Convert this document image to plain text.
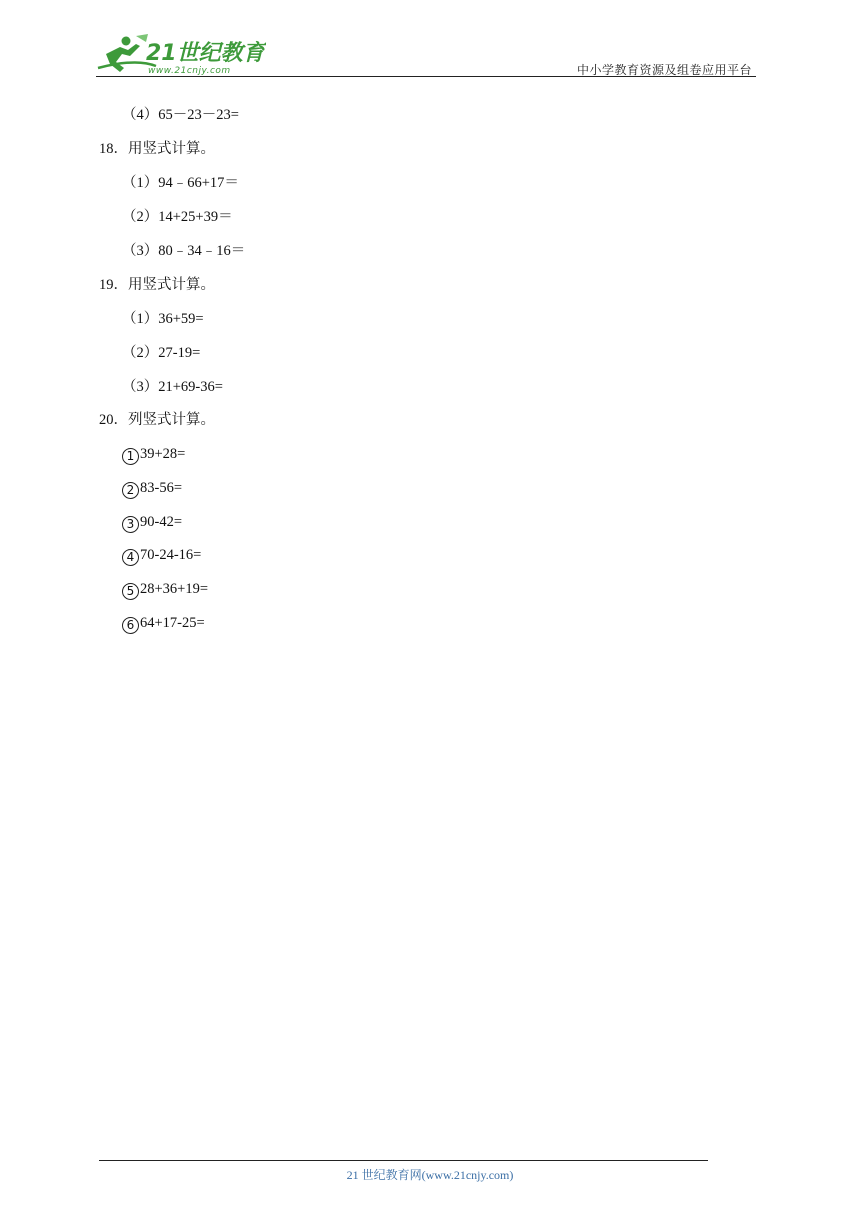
21世纪教育
www.21cnjy.com	中小学教育资源及组卷应用平台
（4）65－23－23=
18．用竖式计算。
（1）94﹣66+17＝
（2）14+25+39＝
（3）80﹣34﹣16＝
19．用竖式计算。
（1）36+59=
（2）27-19=
（3）21+69-36=
20．列竖式计算。
1 39+28=
2 83-56=
3 90-42=
4 70-24-16=
5 28+36+19=
6 64+17-25=
21 世纪教育网(www.21cnjy.com)
